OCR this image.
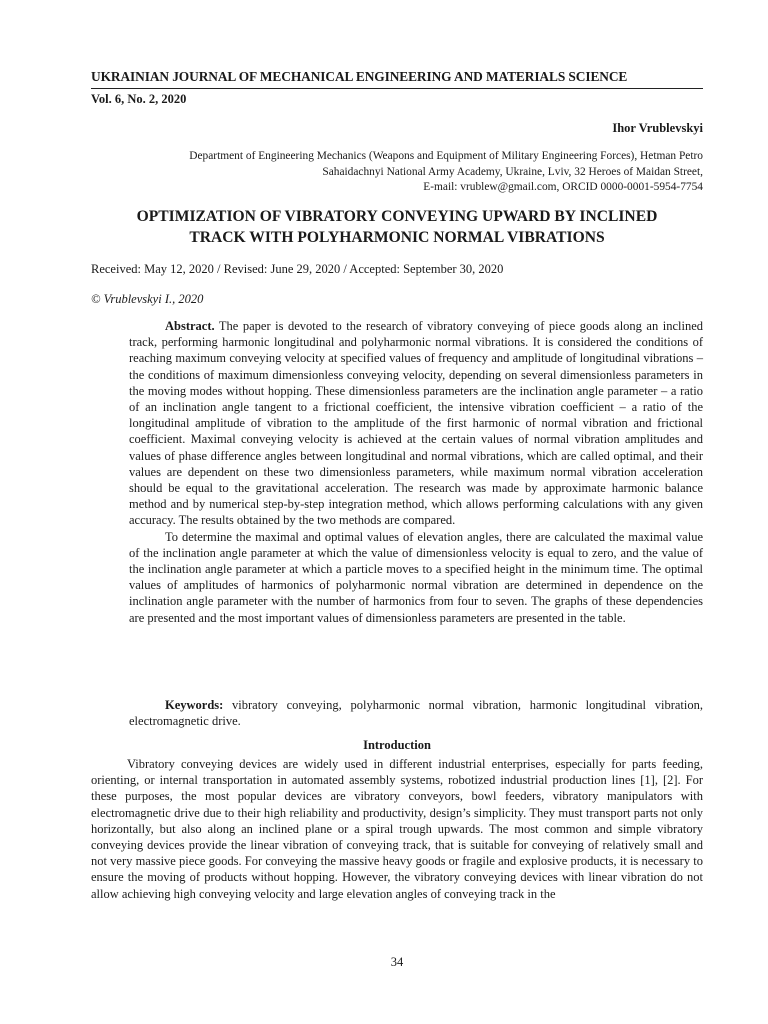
UKRAINIAN JOURNAL OF MECHANICAL ENGINEERING AND MATERIALS SCIENCE
Vol. 6, No. 2, 2020
Ihor Vrublevskyi
Department of Engineering Mechanics (Weapons and Equipment of Military Engineering Forces), Hetman Petro
Sahaidachnyi National Army Academy, Ukraine, Lviv, 32 Heroes of Maidan Street,
E-mail: vrublew@gmail.com, ORCID 0000-0001-5954-7754
OPTIMIZATION OF VIBRATORY CONVEYING UPWARD BY INCLINED
TRACK WITH POLYHARMONIC NORMAL VIBRATIONS
Received: May 12, 2020 / Revised: June 29, 2020 / Accepted: September 30, 2020
© Vrublevskyi I., 2020

Abstract. The paper is devoted to the research of vibratory conveying of piece goods along an inclined track, performing harmonic longitudinal and polyharmonic normal vibrations. It is considered the conditions of reaching maximum conveying velocity at specified values of frequency and amplitude of longitudinal vibrations – the conditions of maximum dimensionless conveying velocity, depending on several dimensionless parameters in the moving modes without hopping. These dimensionless parameters are the inclination angle parameter – a ratio of an inclination angle tangent to a frictional coefficient, the intensive vibration coefficient – a ratio of the longitudinal amplitude of vibration to the amplitude of the first harmonic of normal vibration and frictional coefficient. Maximal conveying velocity is achieved at the certain values of normal vibration amplitudes and values of phase difference angles between longitudinal and normal vibrations, which are called optimal, and their values are dependent on these two dimensionless parameters, while maximum normal vibration acceleration should be equal to the gravitational acceleration. The research was made by approximate harmonic balance method and by numerical step-by-step integration method, which allows performing calculations with any given accuracy. The results obtained by the two methods are compared.

To determine the maximal and optimal values of elevation angles, there are calculated the maximal value of the inclination angle parameter at which the value of dimensionless velocity is equal to zero, and the value of the inclination angle parameter at which a particle moves to a specified height in the minimum time. The optimal values of amplitudes of harmonics of polyharmonic normal vibration are determined in dependence on the inclination angle parameter with the number of harmonics from four to seven. The graphs of these dependencies are presented and the most important values of dimensionless parameters are presented in the table.

Keywords: vibratory conveying, polyharmonic normal vibration, harmonic longitudinal vibration, electromagnetic drive.
Introduction
Vibratory conveying devices are widely used in different industrial enterprises, especially for parts feeding, orienting, or internal transportation in automated assembly systems, robotized industrial production lines [1], [2]. For these purposes, the most popular devices are vibratory conveyors, bowl feeders, vibratory manipulators with electromagnetic drive due to their high reliability and productivity, design’s simplicity. They must transport parts not only horizontally, but also along an inclined plane or a spiral trough upwards. The most common and simple vibratory conveying devices provide the linear vibration of conveying track, that is suitable for conveying of relatively small and not very massive piece goods. For conveying the massive heavy goods or fragile and explosive products, it is necessary to ensure the moving of products without hopping. However, the vibratory conveying devices with linear vibration do not allow achieving high conveying velocity and large elevation angles of conveying track in the
34
